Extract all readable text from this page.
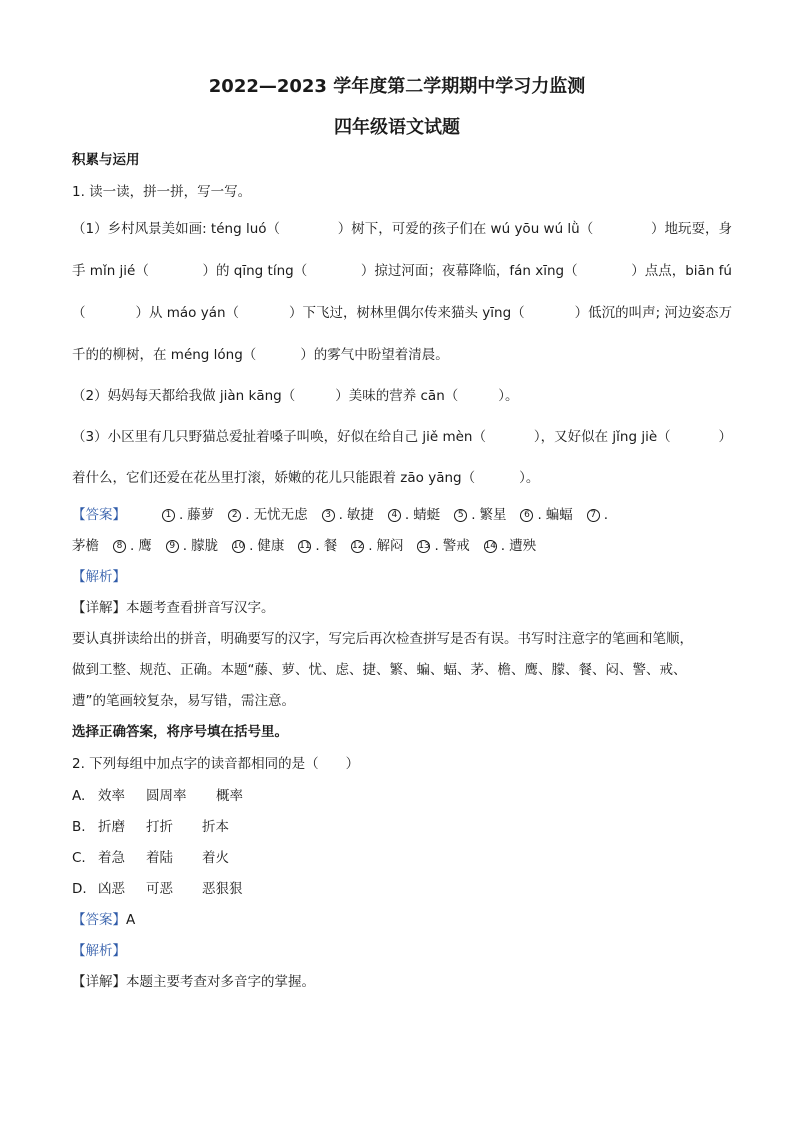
2022—2023 学年度第二学期期中学习力监测
四年级语文试题
积累与运用
1. 读一读，拼一拼，写一写。
（1）乡村风景美如画: téng luó（	）树下，可爱的孩子们在 wú yōu wú lǜ（	）地玩耍，身
手 mǐn jié（	）的 qīng tíng（	）掠过河面；夜幕降临，fán xīng（	）点点，biān fú
（	）从 máo yán（	）下飞过，树林里偶尔传来猫头 yīng（	）低沉的叫声; 河边姿态万
千的的柳树，在 méng lóng（	）的雾气中盼望着清晨。
（2）妈妈每天都给我做 jiàn kāng（	）美味的营养 cān（	）。
（3）小区里有几只野猫总爱扯着嗓子叫唤，好似在给自己 jiě mèn（	），又好似在 jǐng jiè（	）
着什么，它们还爱在花丛里打滚，娇嫩的花儿只能跟着 zāo yāng（	）。
【答案】	1 . 藤萝	2 . 无忧无虑	3 . 敏捷	4 . 蜻蜓	5 . 繁星	6 . 蝙蝠	7 .
茅檐	8 . 鹰	9 . 朦胧 10 . 健康 11 . 餐 12 . 解闷 13 . 警戒 14 . 遭殃
【解析】
【详解】本题考查看拼音写汉字。
要认真拼读给出的拼音，明确要写的汉字，写完后再次检查拼写是否有误。书写时注意字的笔画和笔顺，
做到工整、规范、正确。本题“藤、萝、忧、虑、捷、繁、蝙、蝠、茅、檐、鹰、朦、餐、闷、警、戒、
遭”的笔画较复杂，易写错，需注意。
选择正确答案，将序号填在括号里。
2. 下列每组中加点字的读音都相同的是（　　）
A. 效率 圆周率 概率
B. 折磨 打折 折本
C. 着急 着陆 着火
D. 凶恶 可恶 恶狠狠
【答案】A
【解析】
【详解】本题主要考查对多音字的掌握。
